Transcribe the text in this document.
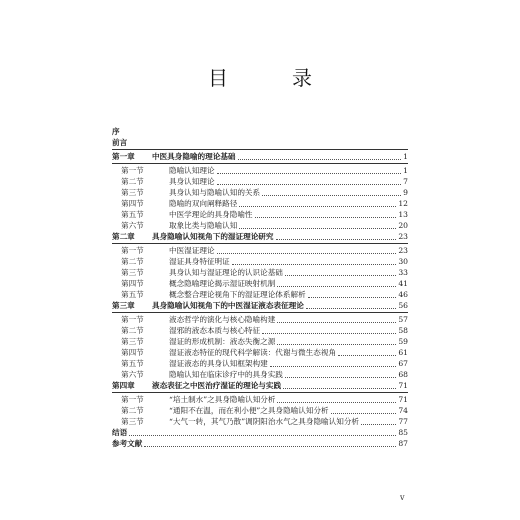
目　录
序
前言
第一章	中医具身隐喻的理论基础	1
第一节	隐喻认知理论	1
第二节	具身认知理论	7
第三节	具身认知与隐喻认知的关系	9
第四节	隐喻的双向阐释路径	12
第五节	中医学理论的具身隐喻性	13
第六节	取象比类与隐喻认知	20
第二章	具身隐喻认知视角下的湿证理论研究	23
第一节	中医湿证理论	23
第二节	湿证具身特征明证	30
第三节	具身认知与湿证理论的认识论基础	33
第四节	概念隐喻理论揭示湿证映射机制	41
第五节	概念整合理论视角下的湿证理论体系解析	46
第三章	具身隐喻认知视角下的中医湿证液态表征理论	56
第一节	液态哲学的演化与核心隐喻构建	57
第二节	湿邪的液态本质与核心特征	58
第三节	湿证的形成机制：液态失衡之源	59
第四节	湿证液态特征的现代科学解读：代谢与微生态视角	61
第五节	湿证液态的具身认知框架构建	67
第六节	隐喻认知在临床诊疗中的具身实践	68
第四章	液态表征之中医治疗湿证的理论与实践	71
第一节	“培土制水”之具身隐喻认知分析	71
第二节	“通阳不在温，而在利小便”之具身隐喻认知分析	74
第三节	“大气一转，其气乃散”调阴阳治水气之具身隐喻认知分析	77
结语	85
参考文献	87
v
